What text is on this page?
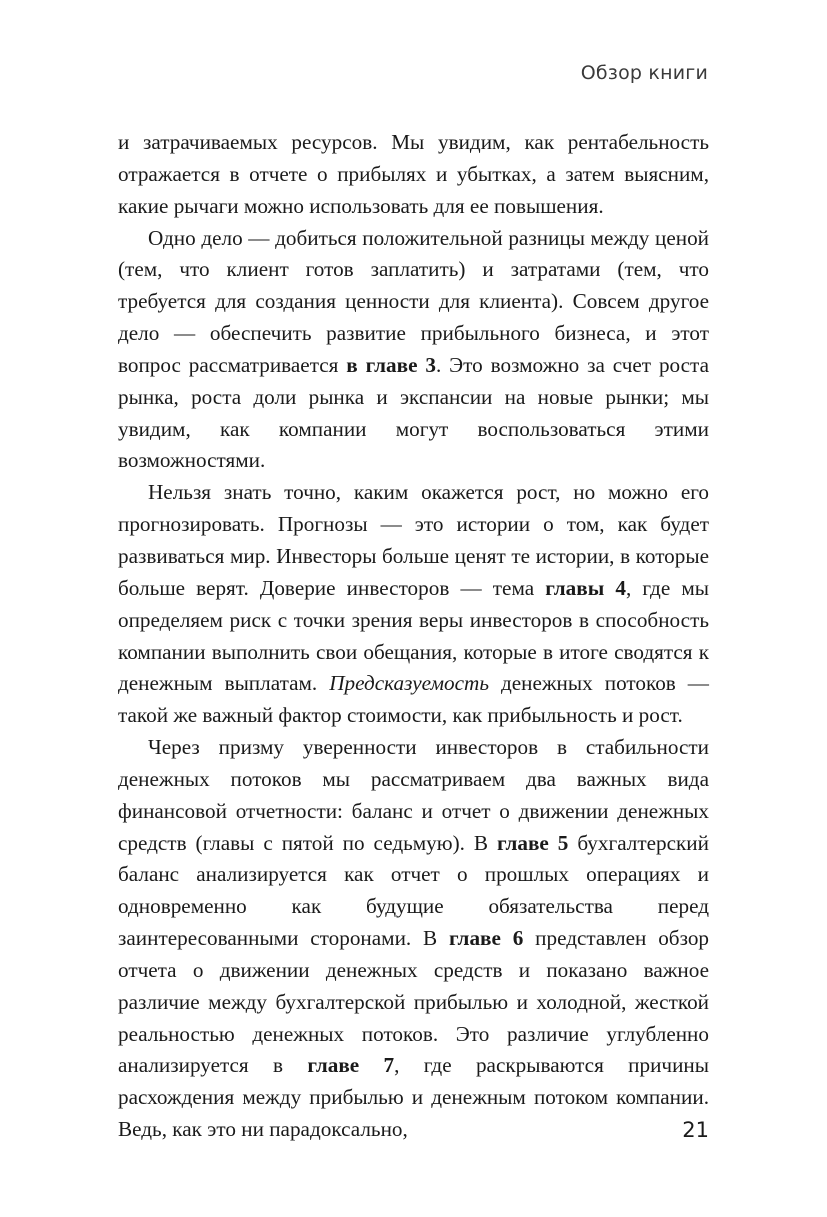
Обзор книги

и затрачиваемых ресурсов. Мы увидим, как рентабельность отражается в отчете о прибылях и убытках, а затем выясним, какие рычаги можно использовать для ее повышения.

Одно дело — добиться положительной разницы между ценой (тем, что клиент готов заплатить) и затратами (тем, что требуется для создания ценности для клиента). Совсем другое дело — обеспечить развитие прибыльного бизнеса, и этот вопрос рассматривается в главе 3. Это возможно за счет роста рынка, роста доли рынка и экспансии на новые рынки; мы увидим, как компании могут воспользоваться этими возможностями.

Нельзя знать точно, каким окажется рост, но можно его прогнозировать. Прогнозы — это истории о том, как будет развиваться мир. Инвесторы больше ценят те истории, в которые больше верят. Доверие инвесторов — тема главы 4, где мы определяем риск с точки зрения веры инвесторов в способность компании выполнить свои обещания, которые в итоге сводятся к денежным выплатам. Предсказуемость денежных потоков — такой же важный фактор стоимости, как прибыльность и рост.

Через призму уверенности инвесторов в стабильности денежных потоков мы рассматриваем два важных вида финансовой отчетности: баланс и отчет о движении денежных средств (главы с пятой по седьмую). В главе 5 бухгалтерский баланс анализируется как отчет о прошлых операциях и одновременно как будущие обязательства перед заинтересованными сторонами. В главе 6 представлен обзор отчета о движении денежных средств и показано важное различие между бухгалтерской прибылью и холодной, жесткой реальностью денежных потоков. Это различие углубленно анализируется в главе 7, где раскрываются причины расхождения между прибылью и денежным потоком компании. Ведь, как это ни парадоксально,	21
